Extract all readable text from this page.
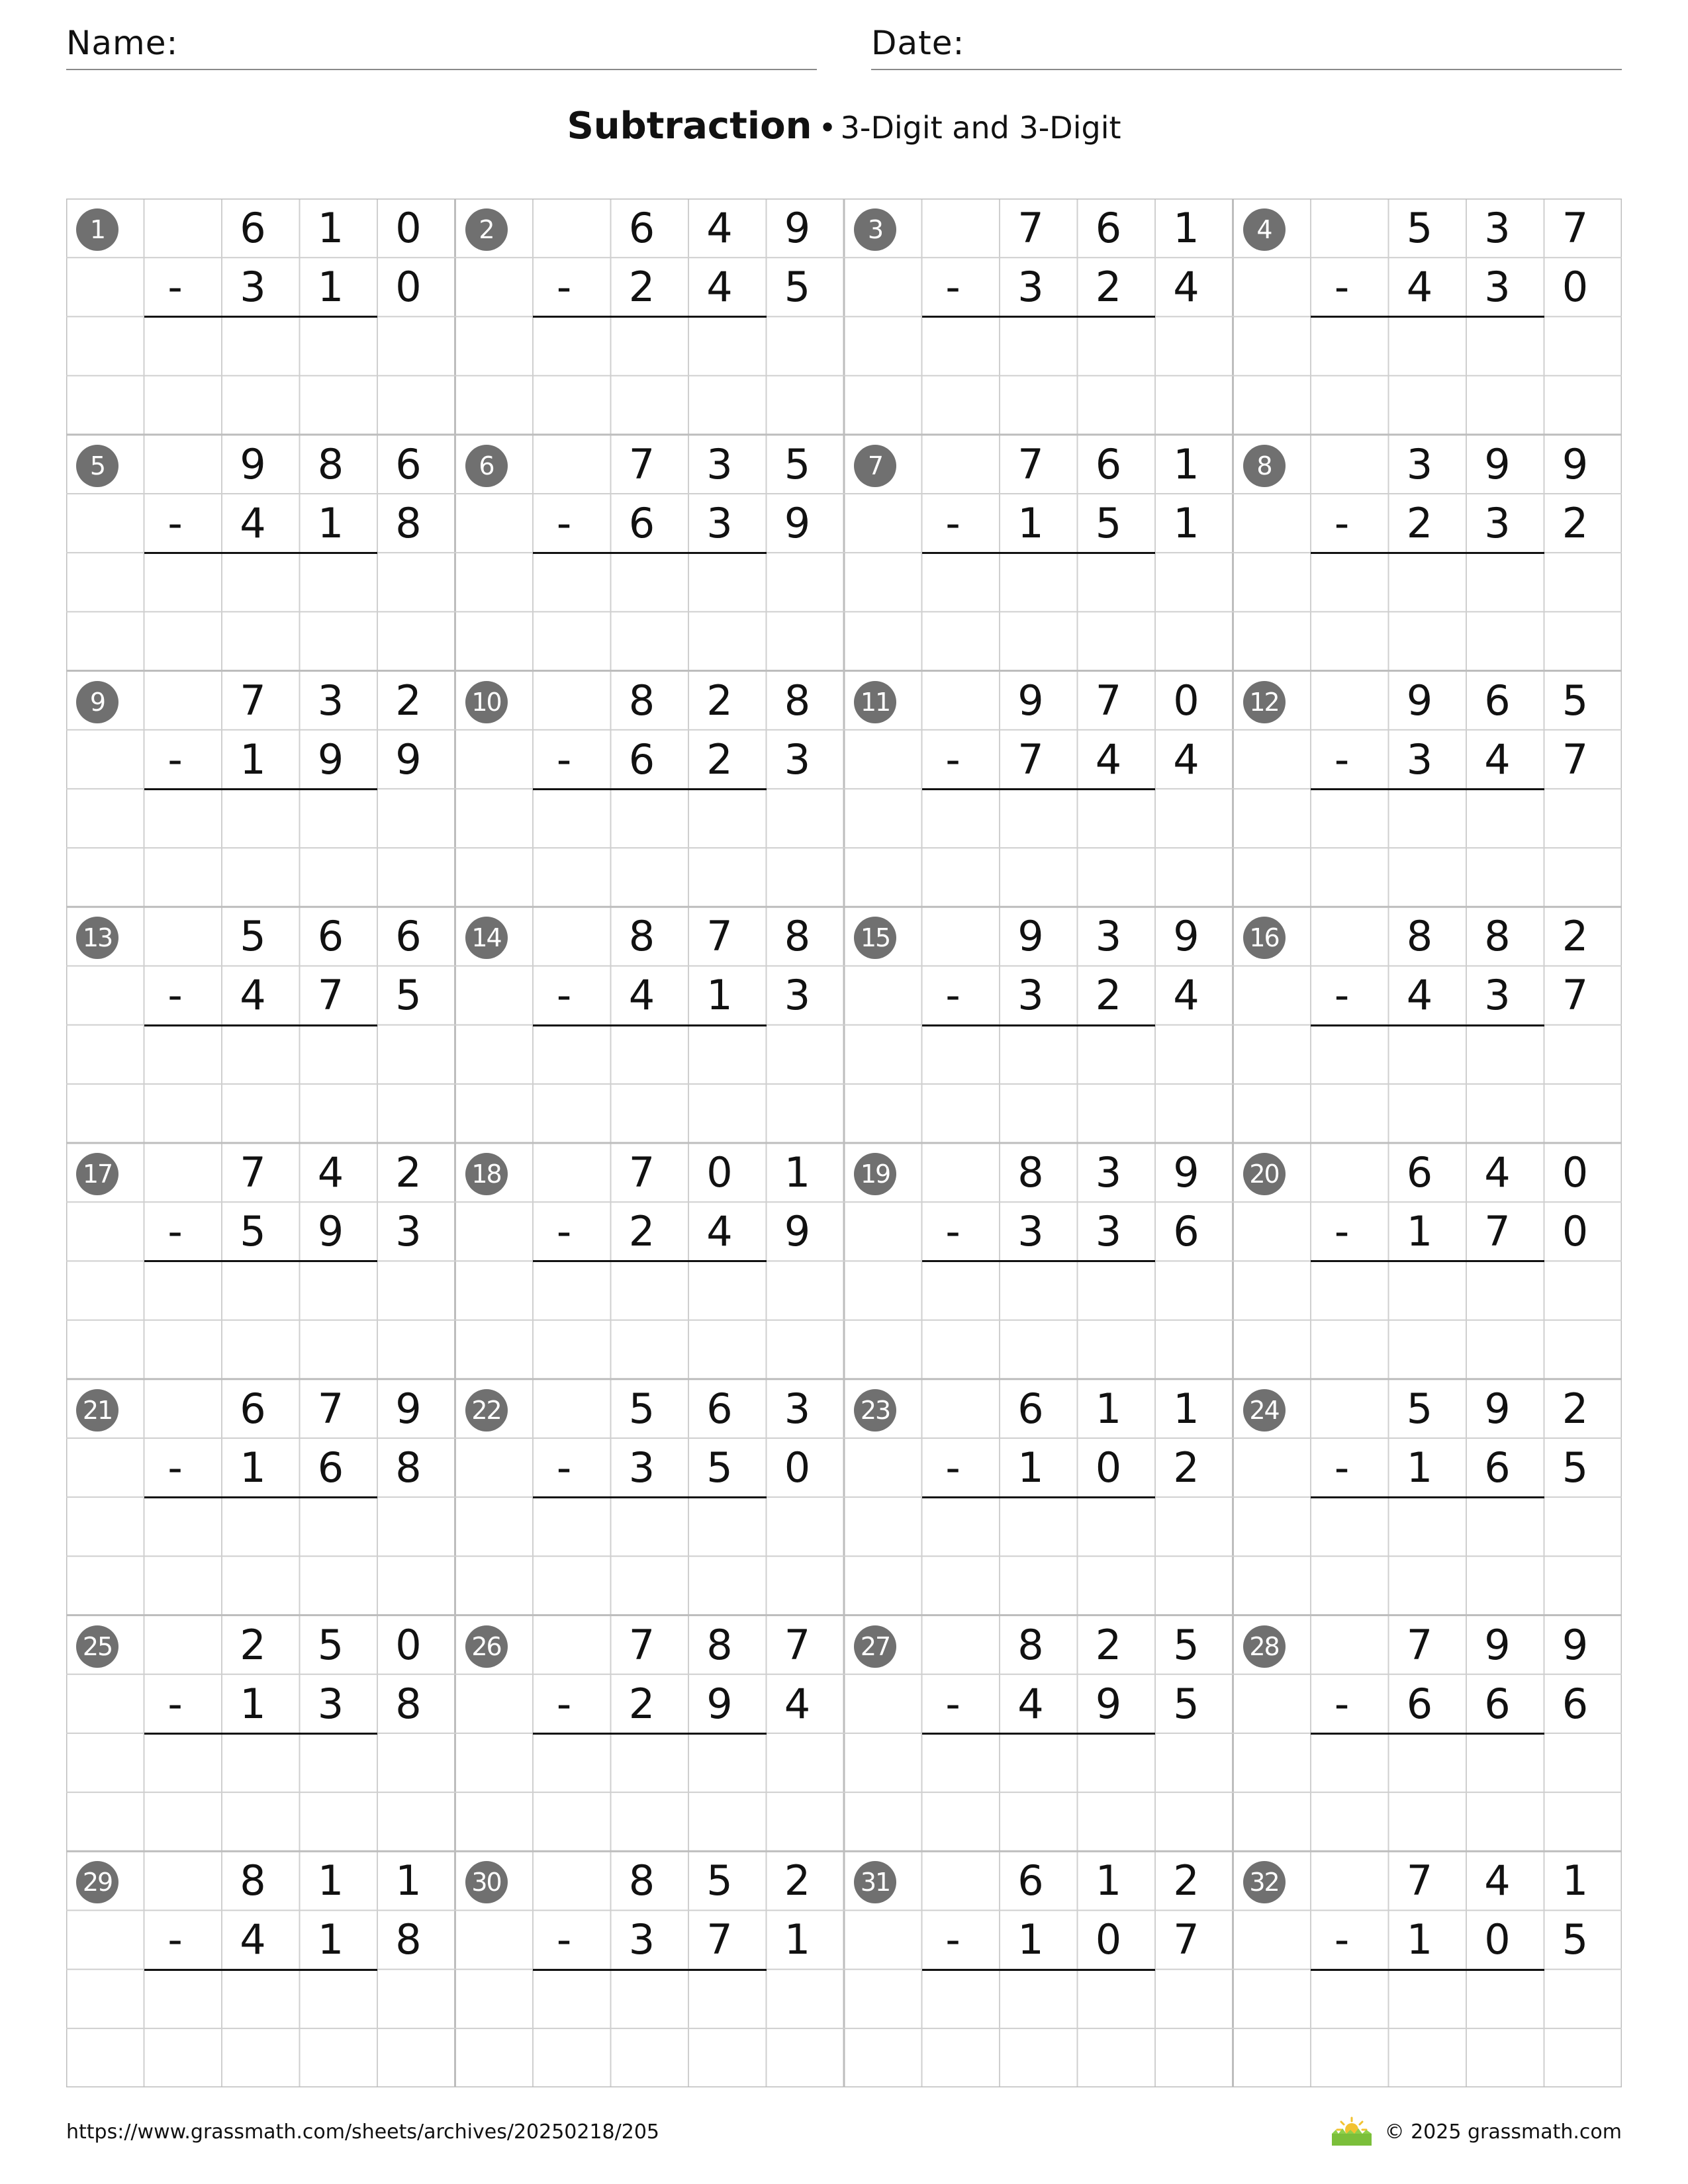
Name:	Date:
Subtraction • 3-Digit and 3-Digit
1	6	1	0
-	3	1	0
2	6	4	9
-	2	4	5
3	7	6	1
-	3	2	4
4	5	3	7
-	4	3	0
5	9	8	6
-	4	1	8
6	7	3	5
-	6	3	9
7	7	6	1
-	1	5	1
8	3	9	9
-	2	3	2
9	7	3	2
-	1	9	9
10	8	2	8
-	6	2	3
11	9	7	0
-	7	4	4
12	9	6	5
-	3	4	7
13	5	6	6
-	4	7	5
14	8	7	8
-	4	1	3
15	9	3	9
-	3	2	4
16	8	8	2
-	4	3	7
17	7	4	2
-	5	9	3
18	7	0	1
-	2	4	9
19	8	3	9
-	3	3	6
20	6	4	0
-	1	7	0
21	6	7	9
-	1	6	8
22	5	6	3
-	3	5	0
23	6	1	1
-	1	0	2
24	5	9	2
-	1	6	5
25	2	5	0
-	1	3	8
26	7	8	7
-	2	9	4
27	8	2	5
-	4	9	5
28	7	9	9
-	6	6	6
29	8	1	1
-	4	1	8
30	8	5	2
-	3	7	1
31	6	1	2
-	1	0	7
32	7	4	1
-	1	0	5
https://www.grassmath.com/sheets/archives/20250218/205	© 2025 grassmath.com
